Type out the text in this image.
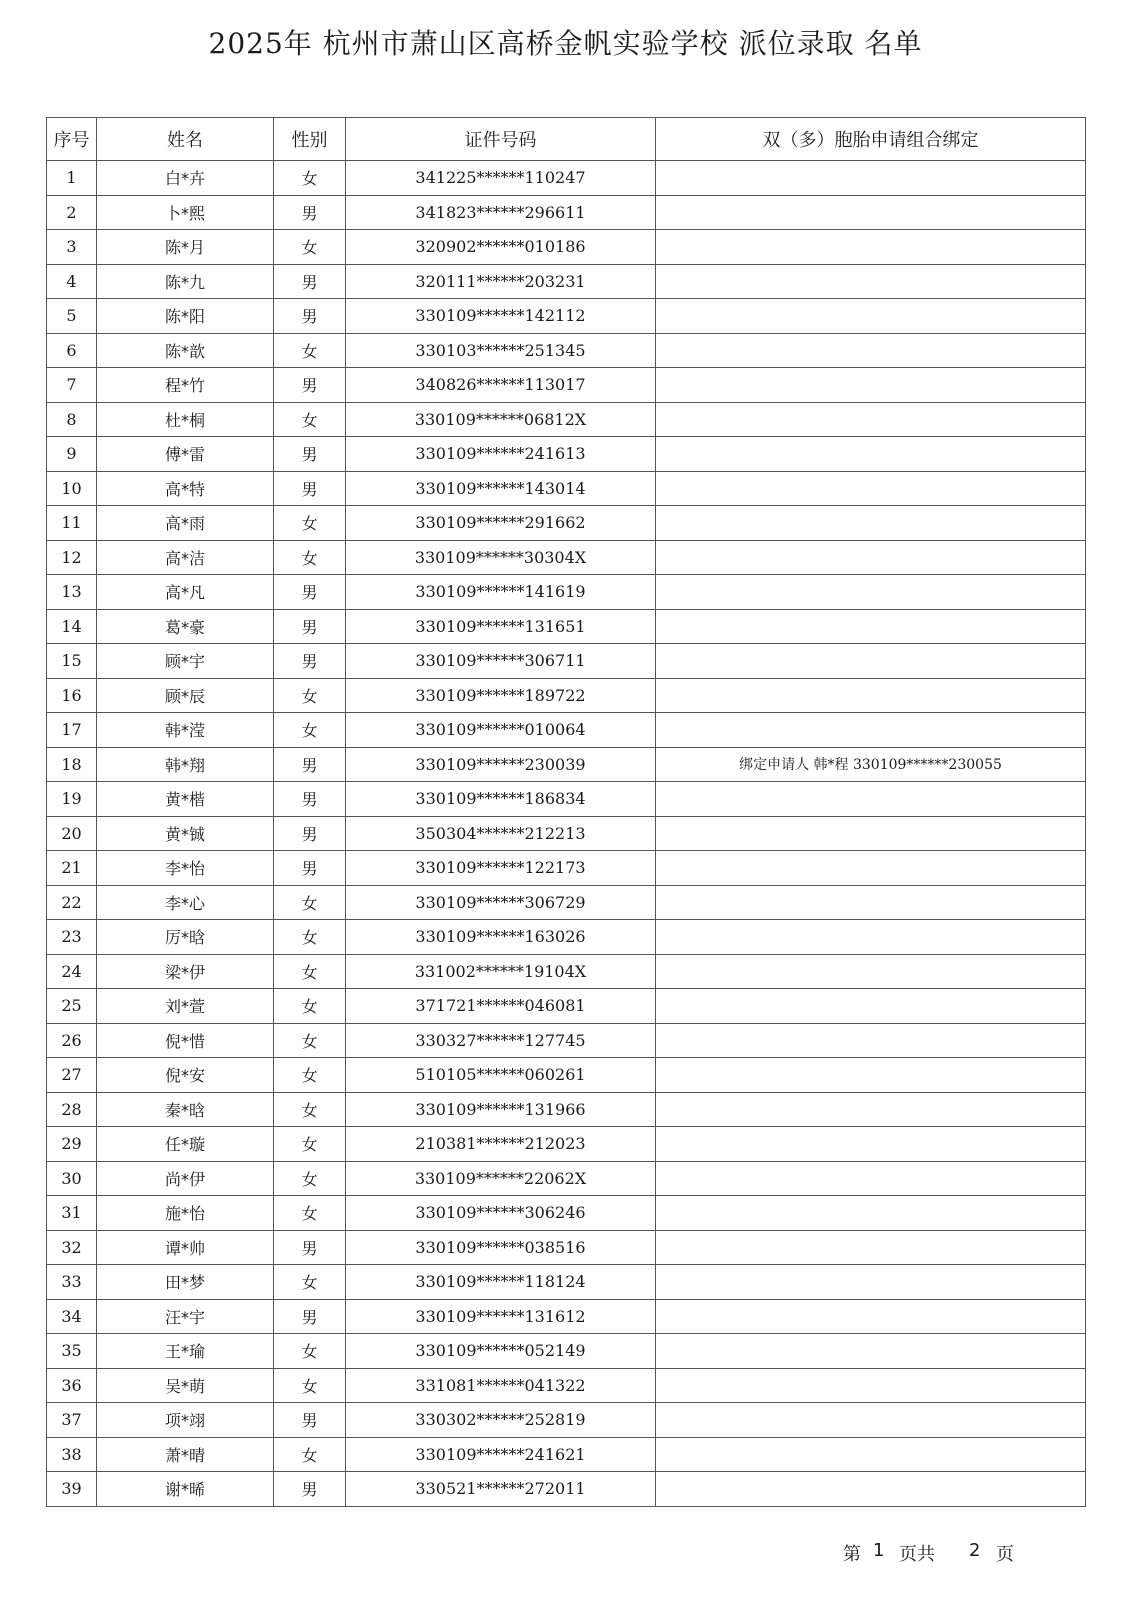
2025年 杭州市萧山区高桥金帆实验学校 派位录取 名单
序号	姓名	性别	证件号码	双（多）胞胎申请组合绑定
1	白*卉	女	341225******110247	
2	卜*熙	男	341823******296611	
3	陈*月	女	320902******010186	
4	陈*九	男	320111******203231	
5	陈*阳	男	330109******142112	
6	陈*歆	女	330103******251345	
7	程*竹	男	340826******113017	
8	杜*桐	女	330109******06812X	
9	傅*雷	男	330109******241613	
10	高*特	男	330109******143014	
11	高*雨	女	330109******291662	
12	高*洁	女	330109******30304X	
13	高*凡	男	330109******141619	
14	葛*豪	男	330109******131651	
15	顾*宇	男	330109******306711	
16	顾*辰	女	330109******189722	
17	韩*滢	女	330109******010064	
18	韩*翔	男	330109******230039	绑定申请人 韩*程 330109******230055
19	黄*楷	男	330109******186834	
20	黄*铖	男	350304******212213	
21	李*怡	男	330109******122173	
22	李*心	女	330109******306729	
23	厉*晗	女	330109******163026	
24	梁*伊	女	331002******19104X	
25	刘*萱	女	371721******046081	
26	倪*惜	女	330327******127745	
27	倪*安	女	510105******060261	
28	秦*晗	女	330109******131966	
29	任*璇	女	210381******212023	
30	尚*伊	女	330109******22062X	
31	施*怡	女	330109******306246	
32	谭*帅	男	330109******038516	
33	田*梦	女	330109******118124	
34	汪*宇	男	330109******131612	
35	王*瑜	女	330109******052149	
36	吴*萌	女	331081******041322	
37	项*翊	男	330302******252819	
38	萧*晴	女	330109******241621	
39	谢*晞	男	330521******272011	
第 1 页共 2 页
